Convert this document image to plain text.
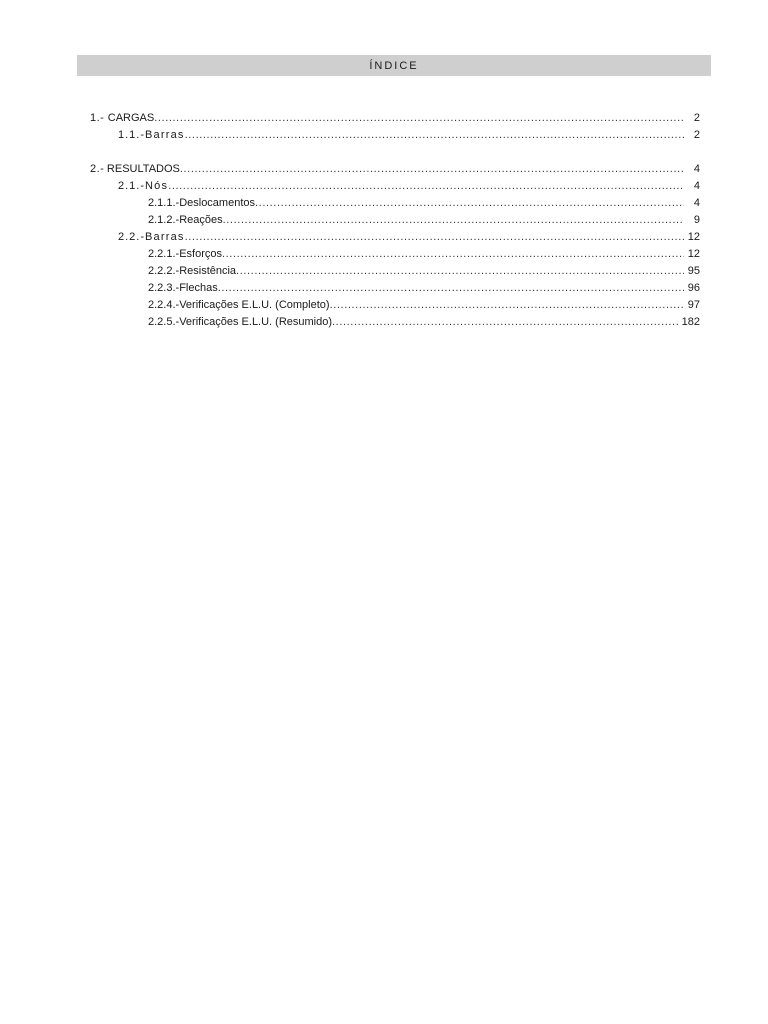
ÍNDICE
1.- CARGAS .....	2
1.1.- Barras .....	2
2.- RESULTADOS .....	4
2.1.- Nós .....	4
2.1.1.- Deslocamentos .....	4
2.1.2.- Reações .....	9
2.2.- Barras .....	12
2.2.1.- Esforços .....	12
2.2.2.- Resistência .....	95
2.2.3.- Flechas .....	96
2.2.4.- Verificações E.L.U. (Completo) .....	97
2.2.5.- Verificações E.L.U. (Resumido) .....	182
